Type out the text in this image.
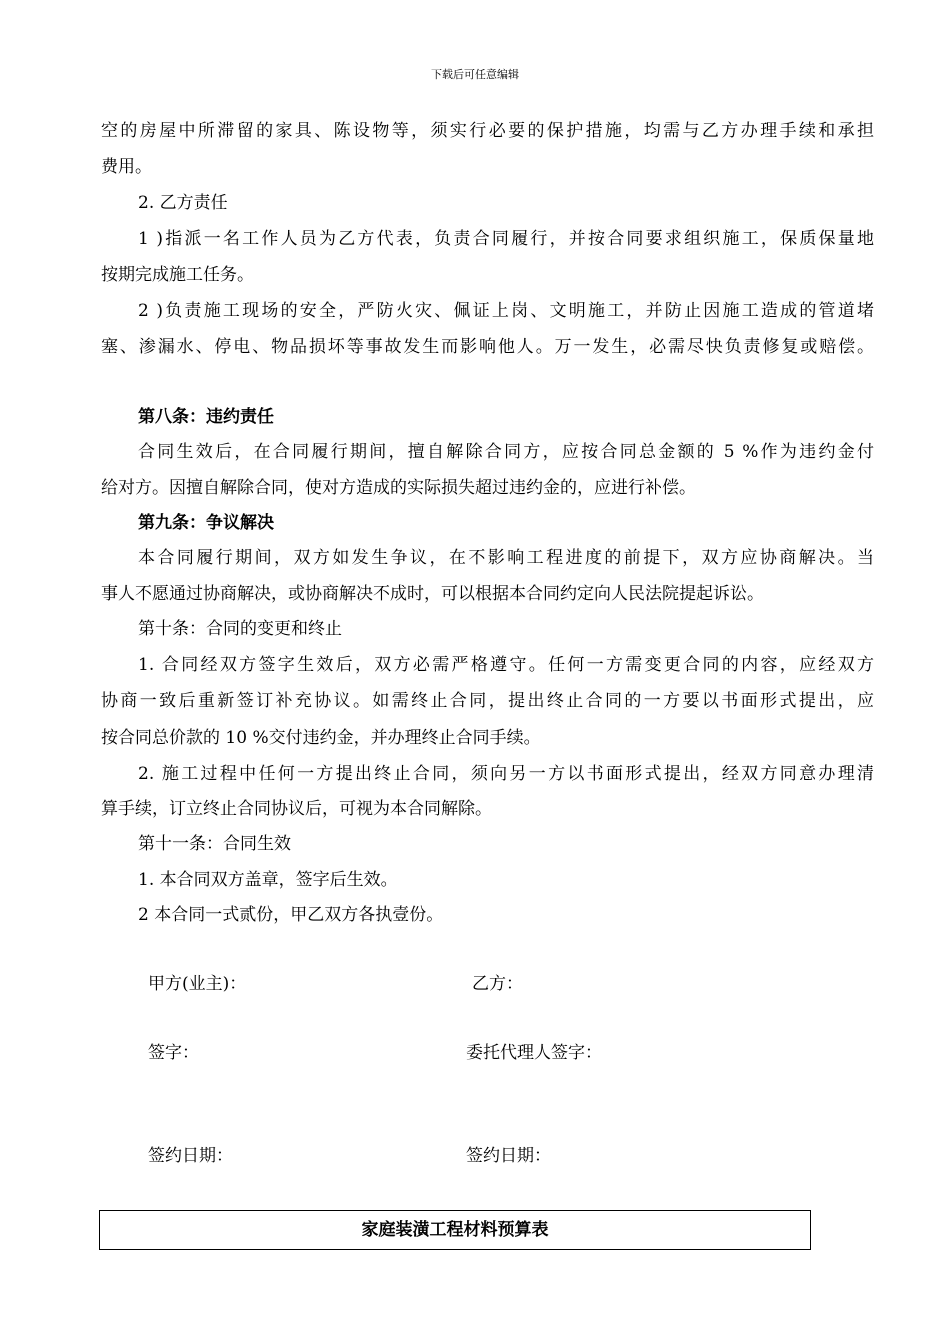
下载后可任意编辑
空的房屋中所滞留的家具、陈设物等，须实行必要的保护措施，均需与乙方办理手续和承担
费用。
2. 乙方责任
1 )指派一名工作人员为乙方代表，负责合同履行，并按合同要求组织施工，保质保量地
按期完成施工任务。
2 )负责施工现场的安全，严防火灾、佩证上岗、文明施工，并防止因施工造成的管道堵
塞、渗漏水、停电、物品损坏等事故发生而影响他人。万一发生，必需尽快负责修复或赔偿。
第八条：违约责任
合同生效后，在合同履行期间，擅自解除合同方，应按合同总金额的 5 %作为违约金付
给对方。因擅自解除合同，使对方造成的实际损失超过违约金的，应进行补偿。
第九条：争议解决
本合同履行期间，双方如发生争议，在不影响工程进度的前提下，双方应协商解决。当
事人不愿通过协商解决，或协商解决不成时，可以根据本合同约定向人民法院提起诉讼。
第十条：合同的变更和终止
1. 合同经双方签字生效后，双方必需严格遵守。任何一方需变更合同的内容，应经双方
协商一致后重新签订补充协议。如需终止合同，提出终止合同的一方要以书面形式提出，应
按合同总价款的 10 %交付违约金，并办理终止合同手续。
2. 施工过程中任何一方提出终止合同，须向另一方以书面形式提出，经双方同意办理清
算手续，订立终止合同协议后，可视为本合同解除。
第十一条：合同生效
1. 本合同双方盖章，签字后生效。
2 本合同一式贰份，甲乙双方各执壹份。
甲方(业主)：	乙方：
签字：	委托代理人签字：
签约日期：	签约日期：
家庭装潢工程材料预算表
